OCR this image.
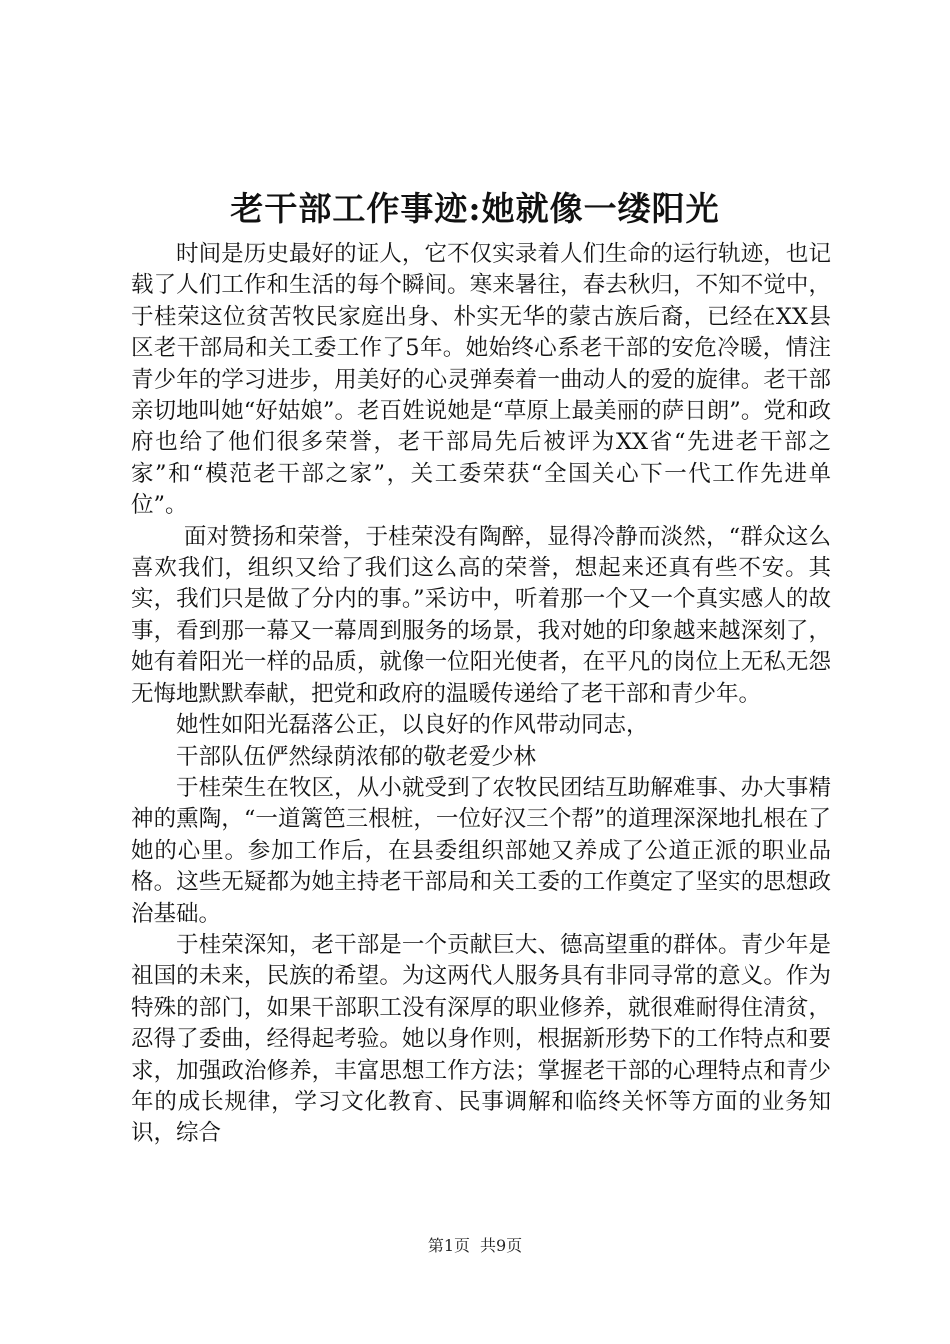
老干部工作事迹:她就像一缕阳光

时间是历史最好的证人，它不仅实录着人们生命的运行轨迹，也记载了人们工作和生活的每个瞬间。寒来暑往，春去秋归，不知不觉中，于桂荣这位贫苦牧民家庭出身、朴实无华的蒙古族后裔，已经在XX县区老干部局和关工委工作了5年。她始终心系老干部的安危冷暖，情注青少年的学习进步，用美好的心灵弹奏着一曲动人的爱的旋律。老干部亲切地叫她“好姑娘”。老百姓说她是“草原上最美丽的萨日朗”。党和政府也给了他们很多荣誉，老干部局先后被评为XX省“先进老干部之家”和“模范老干部之家”，关工委荣获“全国关心下一代工作先进单位”。

面对赞扬和荣誉，于桂荣没有陶醉，显得冷静而淡然，“群众这么喜欢我们，组织又给了我们这么高的荣誉，想起来还真有些不安。其实，我们只是做了分内的事。”采访中，听着那一个又一个真实感人的故事，看到那一幕又一幕周到服务的场景，我对她的印象越来越深刻了，她有着阳光一样的品质，就像一位阳光使者，在平凡的岗位上无私无怨无悔地默默奉献，把党和政府的温暖传递给了老干部和青少年。

她性如阳光磊落公正，以良好的作风带动同志，

干部队伍俨然绿荫浓郁的敬老爱少林

于桂荣生在牧区，从小就受到了农牧民团结互助解难事、办大事精神的熏陶，“一道篱笆三根桩，一位好汉三个帮”的道理深深地扎根在了她的心里。参加工作后，在县委组织部她又养成了公道正派的职业品格。这些无疑都为她主持老干部局和关工委的工作奠定了坚实的思想政治基础。

于桂荣深知，老干部是一个贡献巨大、德高望重的群体。青少年是祖国的未来，民族的希望。为这两代人服务具有非同寻常的意义。作为特殊的部门，如果干部职工没有深厚的职业修养，就很难耐得住清贫，忍得了委曲，经得起考验。她以身作则，根据新形势下的工作特点和要求，加强政治修养，丰富思想工作方法；掌握老干部的心理特点和青少年的成长规律，学习文化教育、民事调解和临终关怀等方面的业务知识，综合

第1页 共9页
